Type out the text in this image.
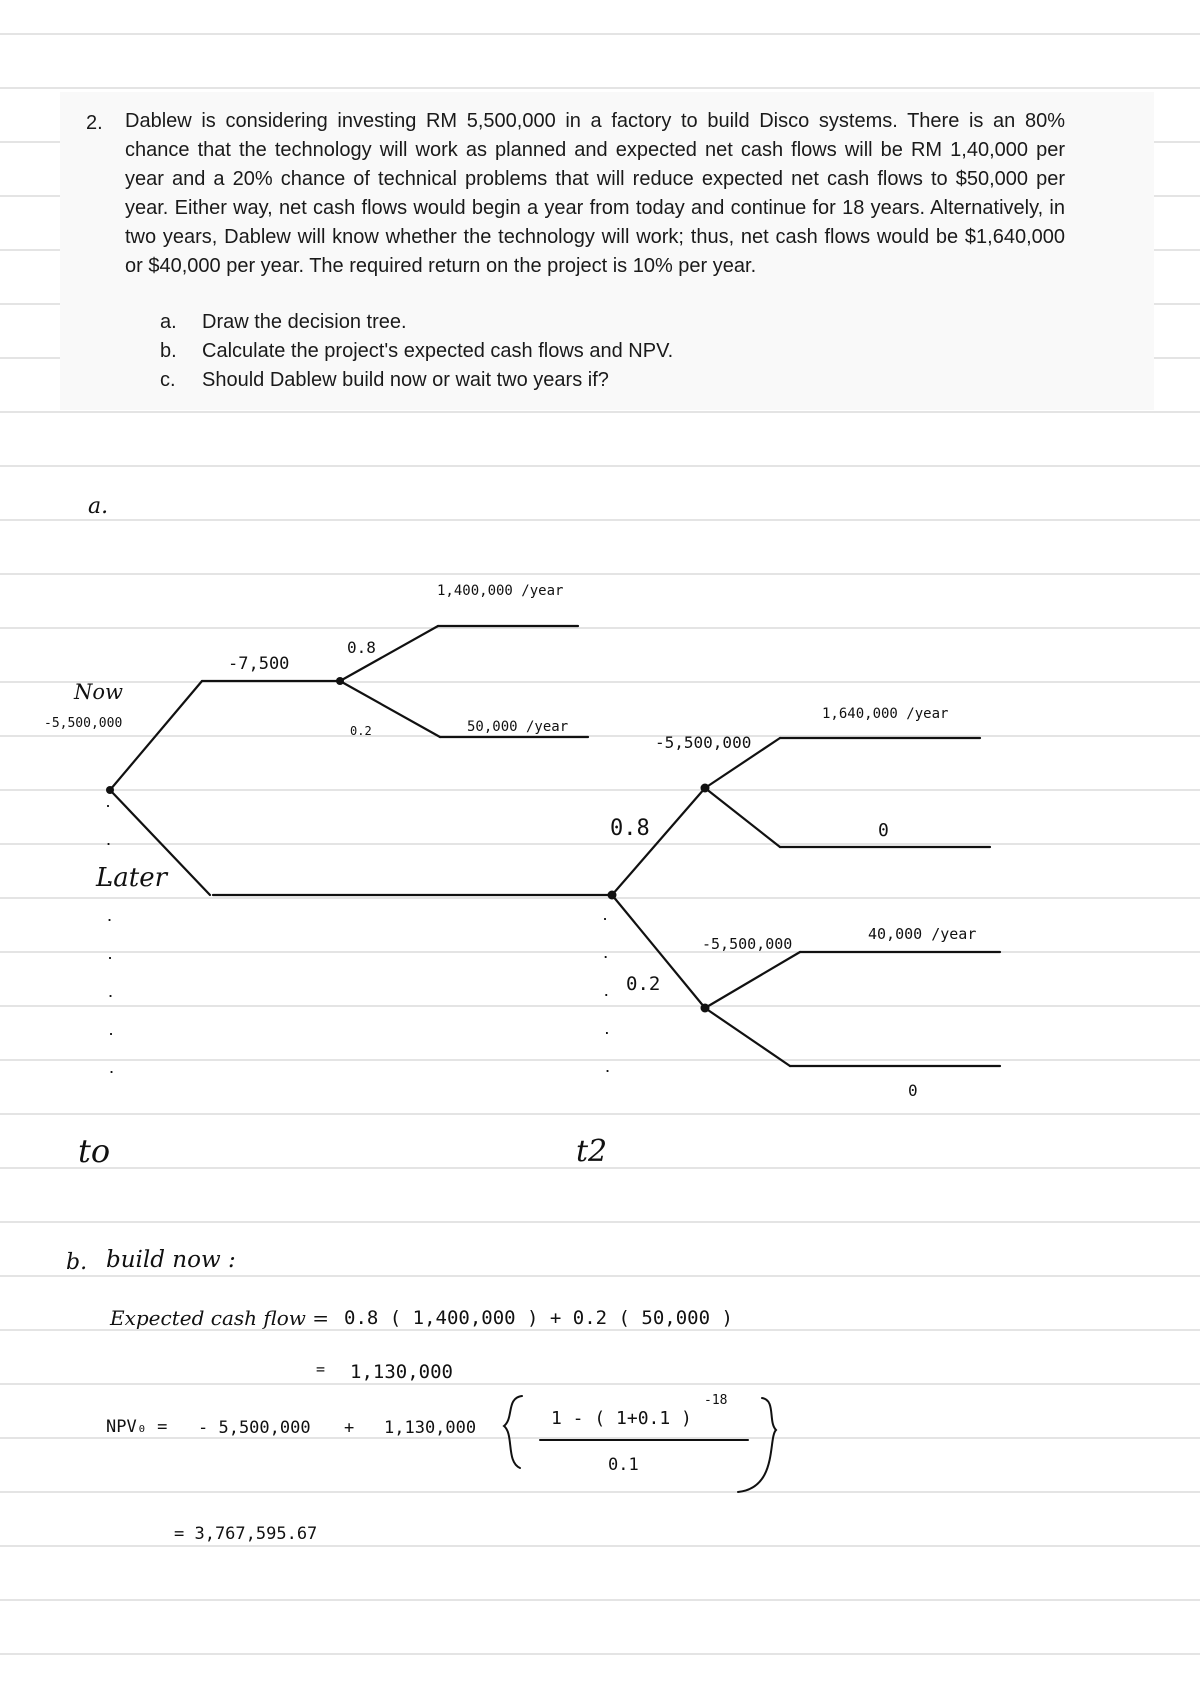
2. Dablew is considering investing RM 5,500,000 in a factory to build Disco systems. There is an 80% chance that the technology will work as planned and expected net cash flows will be RM 1,40,000 per year and a 20% chance of technical problems that will reduce expected net cash flows to $50,000 per year. Either way, net cash flows would begin a year from today and continue for 18 years. Alternatively, in two years, Dablew will know whether the technology will work; thus, net cash flows would be $1,640,000 or $40,000 per year. The required return on the project is 10% per year.
a. Draw the decision tree.
b. Calculate the project's expected cash flows and NPV.
c. Should Dablew build now or wait two years if?
a.
Now
-5,500,000
Later
-7,500
0.8
0.2
1,400,000 /year
50,000 /year
0.8
0.2
-5,500,000
-5,500,000
1,640,000 /year
0
40,000 /year
0
to	t2
b. build now :
Expected cash flow = 0.8 ( 1,400,000 ) + 0.2 ( 50,000 )
= 1,130,000
NPV₀ = - 5,500,000 + 1,130,000	1 - ( 1+0.1 )
-18
0.1
= 3,767,595.67
